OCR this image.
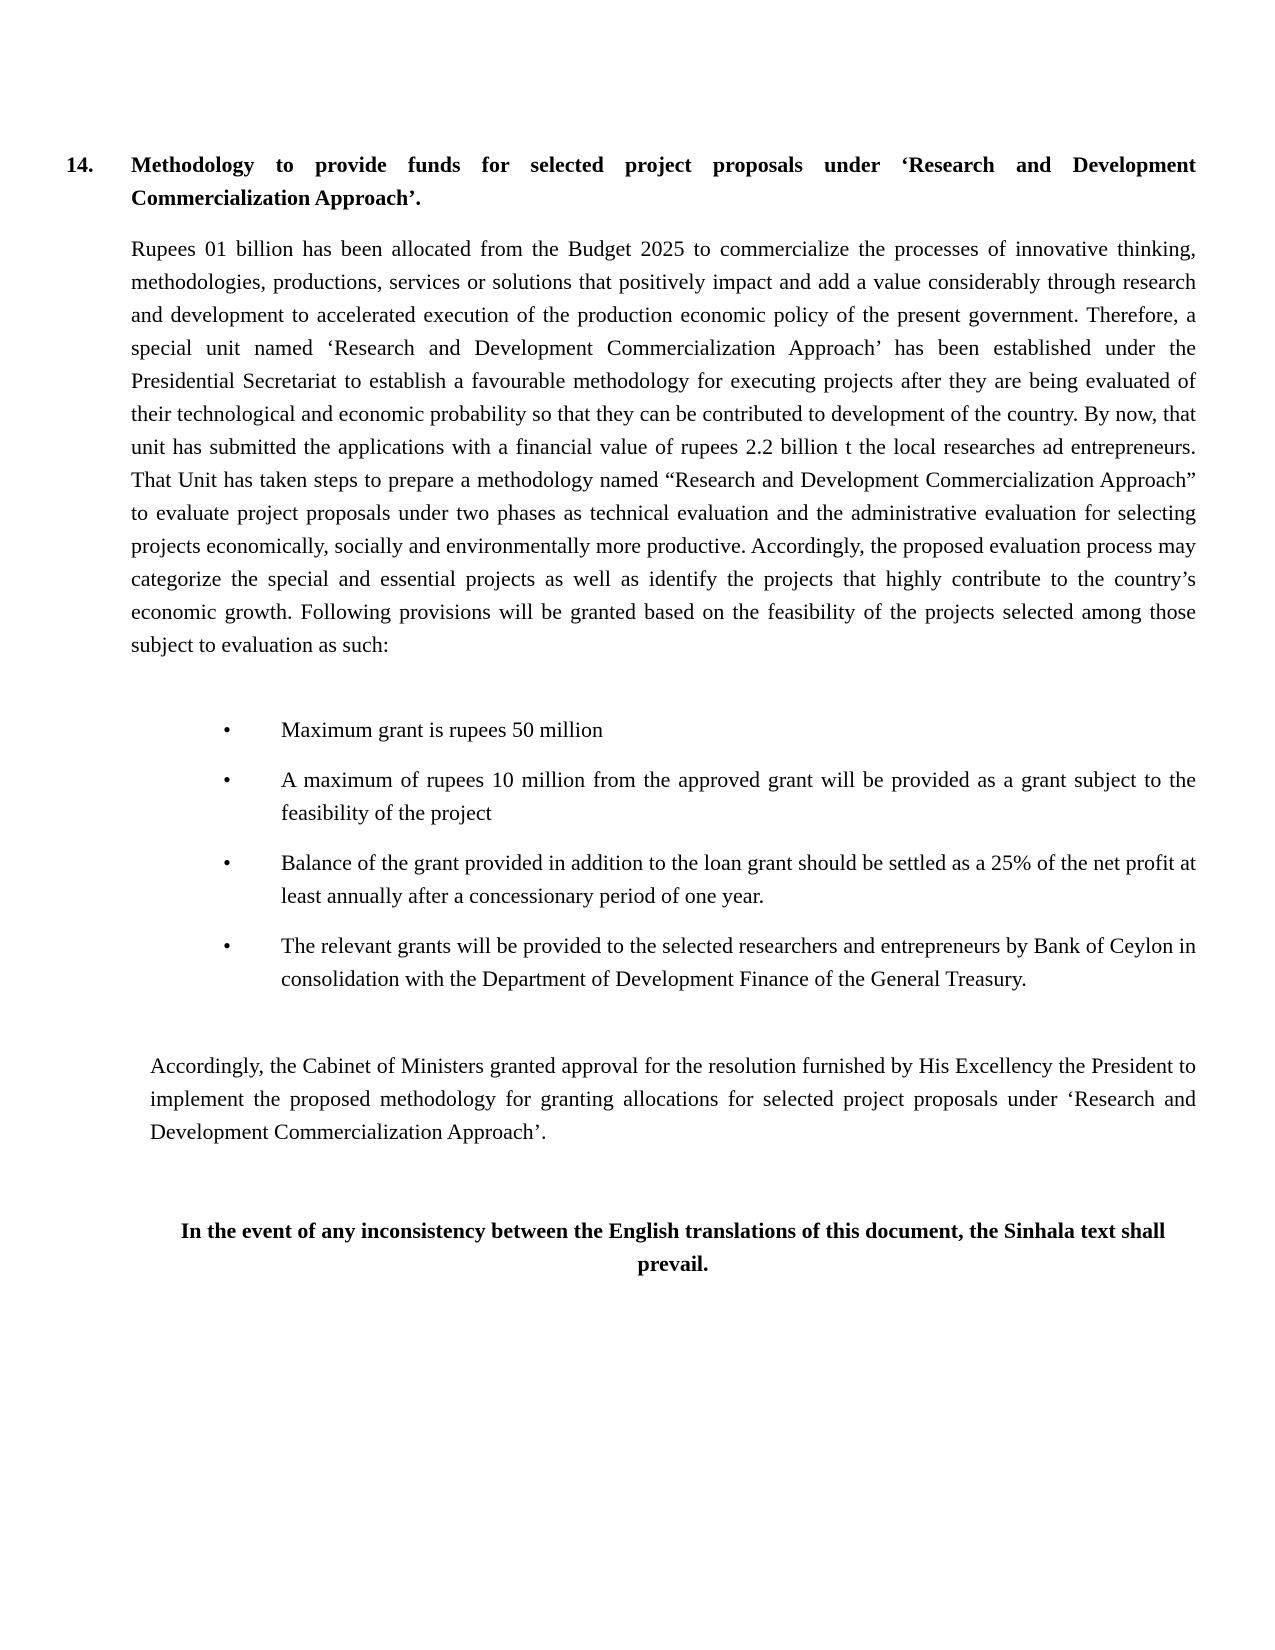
14. Methodology to provide funds for selected project proposals under ‘Research and Development Commercialization Approach’.

Rupees 01 billion has been allocated from the Budget 2025 to commercialize the processes of innovative thinking, methodologies, productions, services or solutions that positively impact and add a value considerably through research and development to accelerated execution of the production economic policy of the present government. Therefore, a special unit named ‘Research and Development Commercialization Approach’ has been established under the Presidential Secretariat to establish a favourable methodology for executing projects after they are being evaluated of their technological and economic probability so that they can be contributed to development of the country. By now, that unit has submitted the applications with a financial value of rupees 2.2 billion t the local researches ad entrepreneurs. That Unit has taken steps to prepare a methodology named “Research and Development Commercialization Approach” to evaluate project proposals under two phases as technical evaluation and the administrative evaluation for selecting projects economically, socially and environmentally more productive. Accordingly, the proposed evaluation process may categorize the special and essential projects as well as identify the projects that highly contribute to the country’s economic growth. Following provisions will be granted based on the feasibility of the projects selected among those subject to evaluation as such:

• Maximum grant is rupees 50 million
• A maximum of rupees 10 million from the approved grant will be provided as a grant subject to the feasibility of the project
• Balance of the grant provided in addition to the loan grant should be settled as a 25% of the net profit at least annually after a concessionary period of one year.
• The relevant grants will be provided to the selected researchers and entrepreneurs by Bank of Ceylon in consolidation with the Department of Development Finance of the General Treasury.

Accordingly, the Cabinet of Ministers granted approval for the resolution furnished by His Excellency the President to implement the proposed methodology for granting allocations for selected project proposals under ‘Research and Development Commercialization Approach’.

In the event of any inconsistency between the English translations of this document, the Sinhala text shall prevail.
